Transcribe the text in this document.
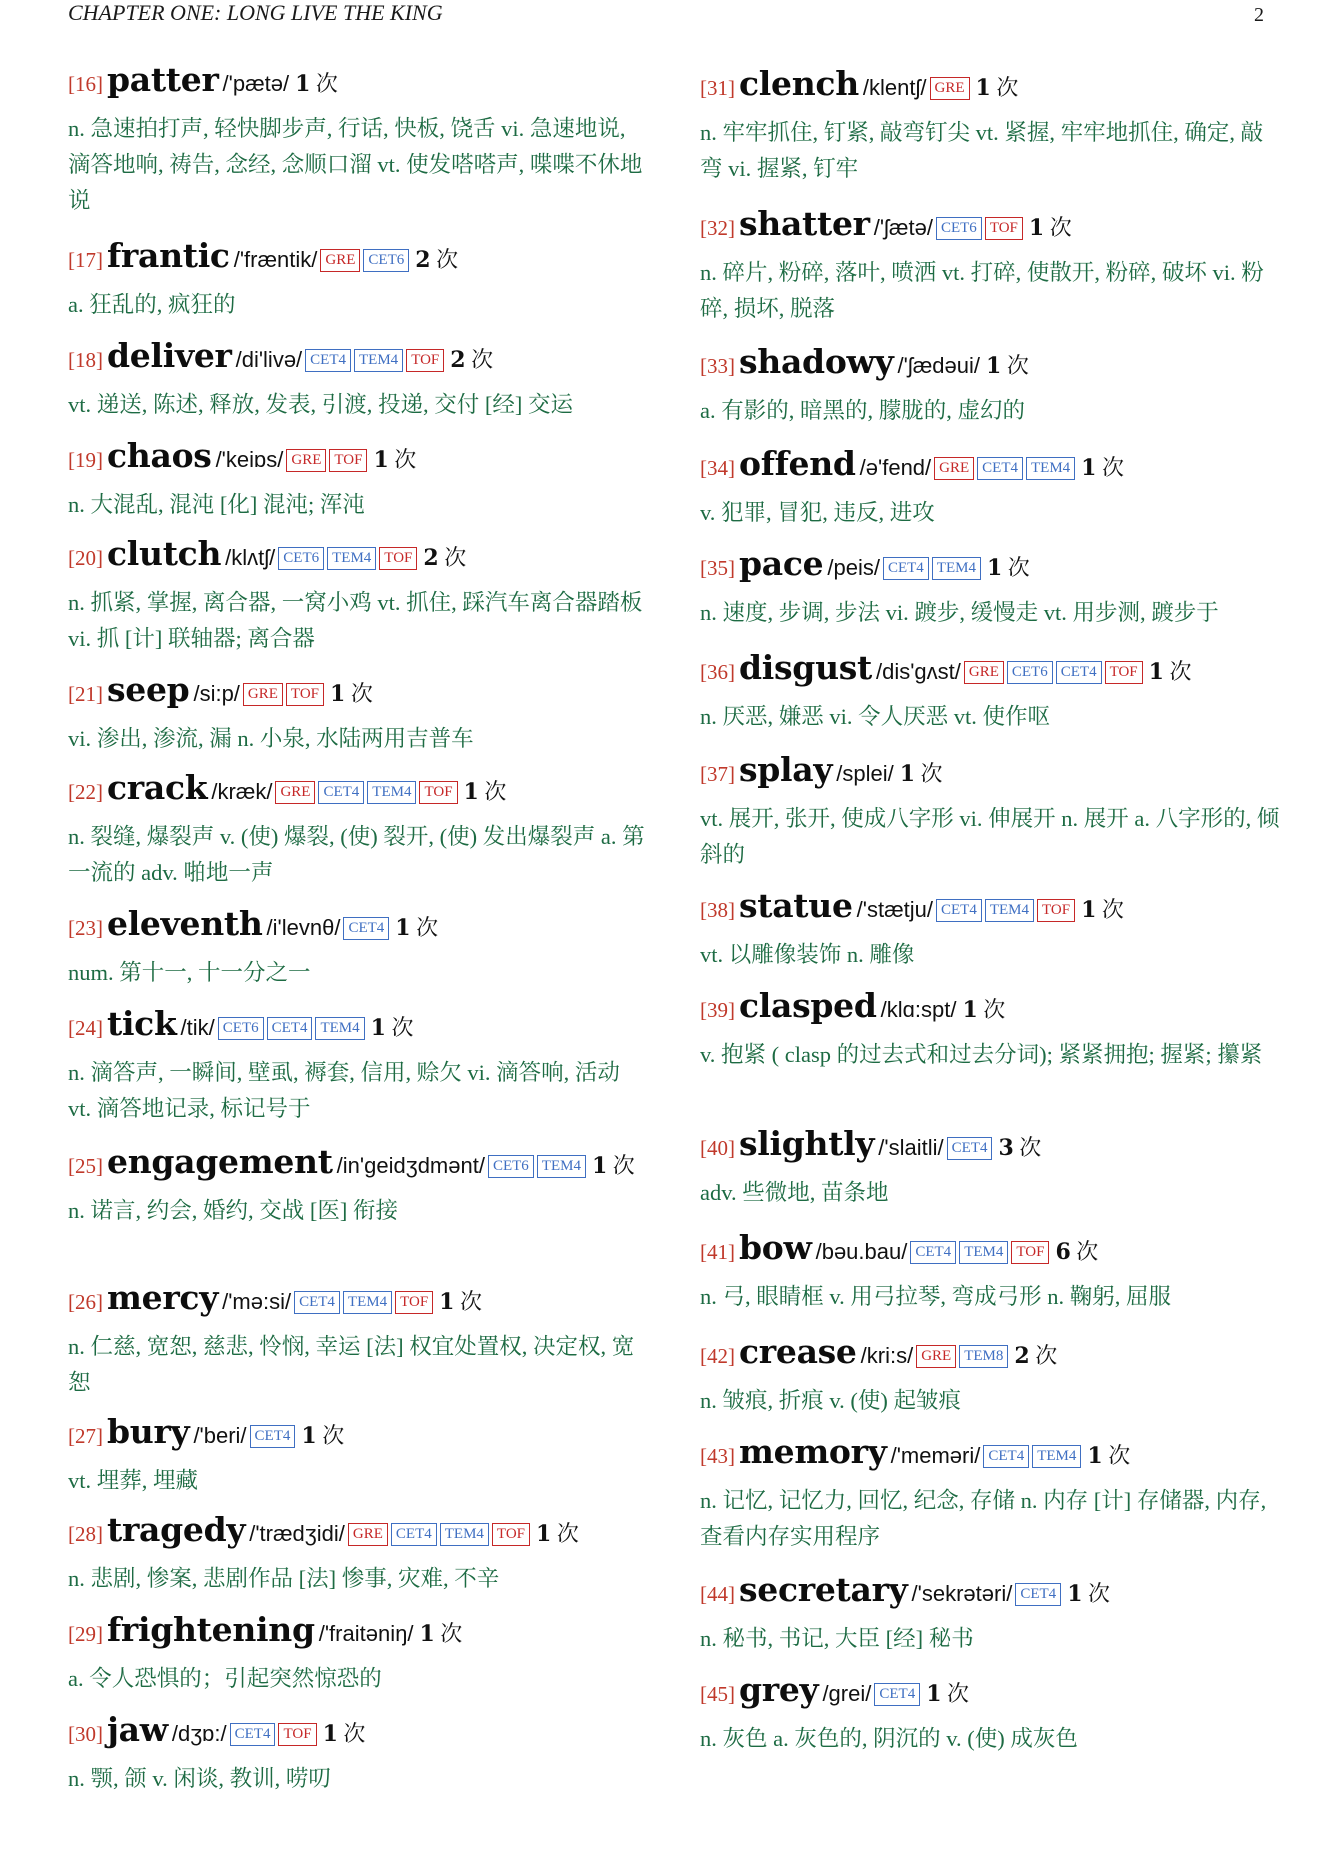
CHAPTER ONE: LONG LIVE THE KING	2
[16] patter /'pætə/ 1 次
n. 急速拍打声, 轻快脚步声, 行话, 快板, 饶舌 vi. 急速地说, 滴答地响, 祷告, 念经, 念顺口溜 vt. 使发嗒嗒声, 喋喋不休地说
[17] frantic /'fræntik/ GRE CET6 2 次
a. 狂乱的, 疯狂的
[18] deliver /di'livə/ CET4 TEM4 TOF 2 次
vt. 递送, 陈述, 释放, 发表, 引渡, 投递, 交付 [经] 交运
[19] chaos /'keiɒs/ GRE TOF 1 次
n. 大混乱, 混沌 [化] 混沌; 浑沌
[20] clutch /klʌtʃ/ CET6 TEM4 TOF 2 次
n. 抓紧, 掌握, 离合器, 一窝小鸡 vt. 抓住, 踩汽车离合器踏板 vi. 抓 [计] 联轴器; 离合器
[21] seep /si:p/ GRE TOF 1 次
vi. 渗出, 渗流, 漏 n. 小泉, 水陆两用吉普车
[22] crack /kræk/ GRE CET4 TEM4 TOF 1 次
n. 裂缝, 爆裂声 v. (使) 爆裂, (使) 裂开, (使) 发出爆裂声 a. 第一流的 adv. 啪地一声
[23] eleventh /i'levnθ/ CET4 1 次
num. 第十一, 十一分之一
[24] tick /tik/ CET6 CET4 TEM4 1 次
n. 滴答声, 一瞬间, 壁虱, 褥套, 信用, 赊欠 vi. 滴答响, 活动 vt. 滴答地记录, 标记号于
[25] engagement /in'geidʒdmənt/ CET6 TEM4 1 次
n. 诺言, 约会, 婚约, 交战 [医] 衔接
[26] mercy /'mə:si/ CET4 TEM4 TOF 1 次
n. 仁慈, 宽恕, 慈悲, 怜悯, 幸运 [法] 权宜处置权, 决定权, 宽恕
[27] bury /'beri/ CET4 1 次
vt. 埋葬, 埋藏
[28] tragedy /'trædʒidi/ GRE CET4 TEM4 TOF 1 次
n. 悲剧, 惨案, 悲剧作品 [法] 惨事, 灾难, 不辛
[29] frightening /'fraitəniŋ/ 1 次
a. 令人恐惧的；引起突然惊恐的
[30] jaw /dʒɒ:/ CET4 TOF 1 次
n. 颚, 颌 v. 闲谈, 教训, 唠叨
[31] clench /klentʃ/ GRE 1 次
n. 牢牢抓住, 钉紧, 敲弯钉尖 vt. 紧握, 牢牢地抓住, 确定, 敲弯 vi. 握紧, 钉牢
[32] shatter /'ʃætə/ CET6 TOF 1 次
n. 碎片, 粉碎, 落叶, 喷洒 vt. 打碎, 使散开, 粉碎, 破坏 vi. 粉碎, 损坏, 脱落
[33] shadowy /'ʃædəui/ 1 次
a. 有影的, 暗黑的, 朦胧的, 虚幻的
[34] offend /ə'fend/ GRE CET4 TEM4 1 次
v. 犯罪, 冒犯, 违反, 进攻
[35] pace /peis/ CET4 TEM4 1 次
n. 速度, 步调, 步法 vi. 踱步, 缓慢走 vt. 用步测, 踱步于
[36] disgust /dis'gʌst/ GRE CET6 CET4 TOF 1 次
n. 厌恶, 嫌恶 vi. 令人厌恶 vt. 使作呕
[37] splay /splei/ 1 次
vt. 展开, 张开, 使成八字形 vi. 伸展开 n. 展开 a. 八字形的, 倾斜的
[38] statue /'stætju/ CET4 TEM4 TOF 1 次
vt. 以雕像装饰 n. 雕像
[39] clasped /klɑ:spt/ 1 次
v. 抱紧 ( clasp 的过去式和过去分词); 紧紧拥抱; 握紧; 攥紧
[40] slightly /'slaitli/ CET4 3 次
adv. 些微地, 苗条地
[41] bow /bəu.bau/ CET4 TEM4 TOF 6 次
n. 弓, 眼睛框 v. 用弓拉琴, 弯成弓形 n. 鞠躬, 屈服
[42] crease /kri:s/ GRE TEM8 2 次
n. 皱痕, 折痕 v. (使) 起皱痕
[43] memory /'meməri/ CET4 TEM4 1 次
n. 记忆, 记忆力, 回忆, 纪念, 存储 n. 内存 [计] 存储器, 内存, 查看内存实用程序
[44] secretary /'sekrətəri/ CET4 1 次
n. 秘书, 书记, 大臣 [经] 秘书
[45] grey /grei/ CET4 1 次
n. 灰色 a. 灰色的, 阴沉的 v. (使) 成灰色
